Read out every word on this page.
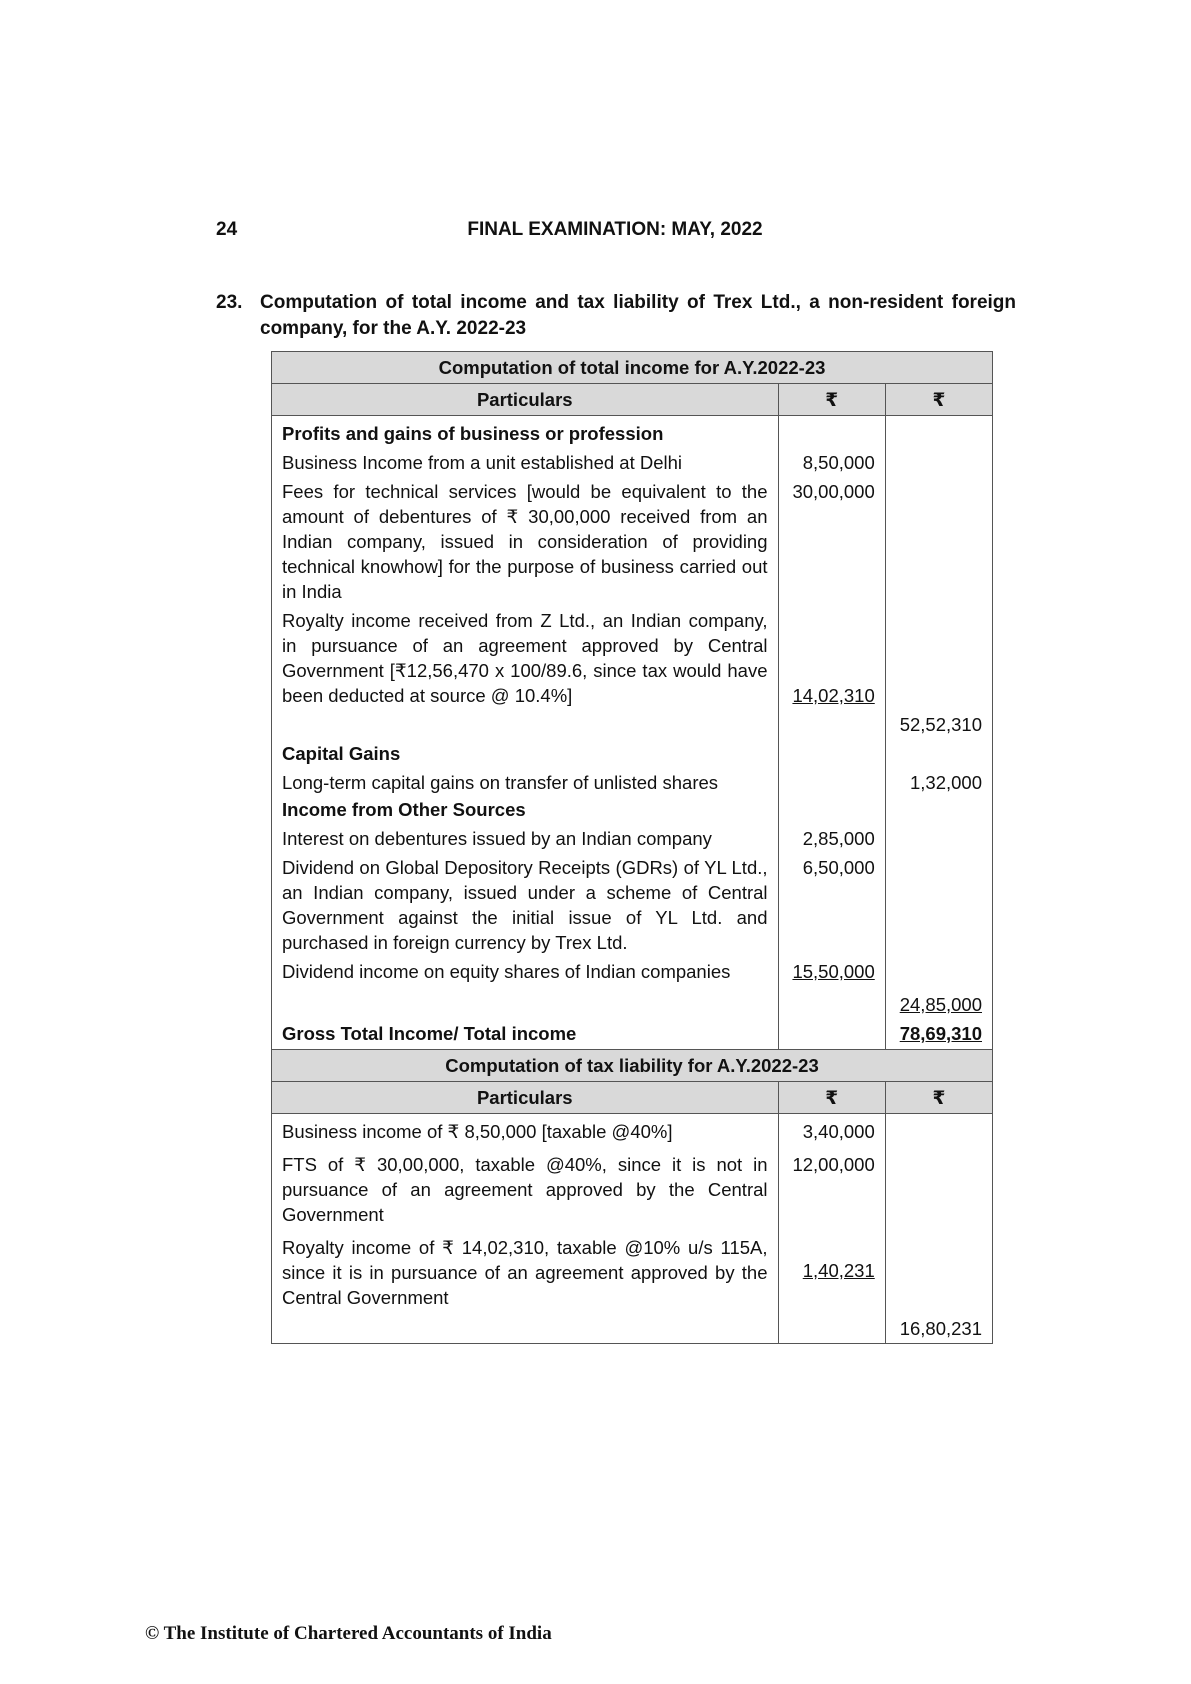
24	FINAL EXAMINATION: MAY, 2022
23. Computation of total income and tax liability of Trex Ltd., a non-resident foreign company, for the A.Y. 2022-23
Computation of total income for A.Y.2022-23		
Particulars	₹	₹
Profits and gains of business or profession		
Business Income from a unit established at Delhi	8,50,000	
Fees for technical services [would be equivalent to the amount of debentures of ₹ 30,00,000 received from an Indian company, issued in consideration of providing technical knowhow] for the purpose of business carried out in India	30,00,000	
Royalty income received from Z Ltd., an Indian company, in pursuance of an agreement approved by Central Government [₹12,56,470 x 100/89.6, since tax would have been deducted at source @ 10.4%]	14,02,310	
		52,52,310
Capital Gains		
Long-term capital gains on transfer of unlisted shares		1,32,000
Income from Other Sources		
Interest on debentures issued by an Indian company	2,85,000	
Dividend on Global Depository Receipts (GDRs) of YL Ltd., an Indian company, issued under a scheme of Central Government against the initial issue of YL Ltd. and purchased in foreign currency by Trex Ltd.	6,50,000	
Dividend income on equity shares of Indian companies	15,50,000	
		24,85,000
Gross Total Income/ Total income		78,69,310
Computation of tax liability for A.Y.2022-23		
Particulars	₹	₹
Business income of ₹ 8,50,000 [taxable @40%]	3,40,000	
FTS of ₹ 30,00,000, taxable @40%, since it is not in pursuance of an agreement approved by the Central Government	12,00,000	
Royalty income of ₹ 14,02,310, taxable @10% u/s 115A, since it is in pursuance of an agreement approved by the Central Government	1,40,231	
		16,80,231
© The Institute of Chartered Accountants of India
